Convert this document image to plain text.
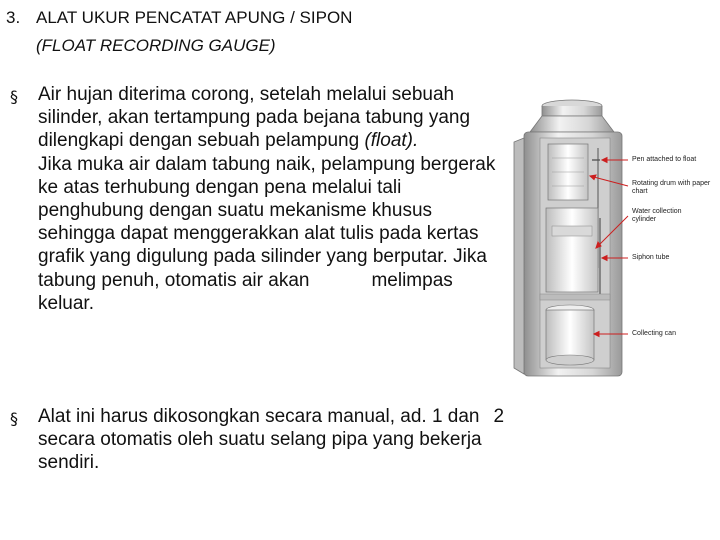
3. ALAT UKUR PENCATAT APUNG / SIPON
(FLOAT RECORDING GAUGE)
§ Air hujan diterima corong, setelah melalui sebuah silinder, akan tertampung pada bejana tabung yang dilengkapi dengan sebuah pelampung (float).
Jika muka air dalam tabung naik, pelampung bergerak ke atas terhubung dengan pena melalui tali penghubung dengan suatu mekanisme khusus sehingga dapat menggerakkan alat tulis pada kertas grafik yang digulung pada silinder yang berputar. Jika tabung penuh, otomatis air akan	melimpas keluar.
§ Alat ini harus dikosongkan secara manual, ad. 1 dan 2 secara otomatis oleh suatu selang pipa yang bekerja sendiri.
Pen attached to float
Rotating drum with paper chart
Water collection cylinder
Siphon tube
Collecting can
